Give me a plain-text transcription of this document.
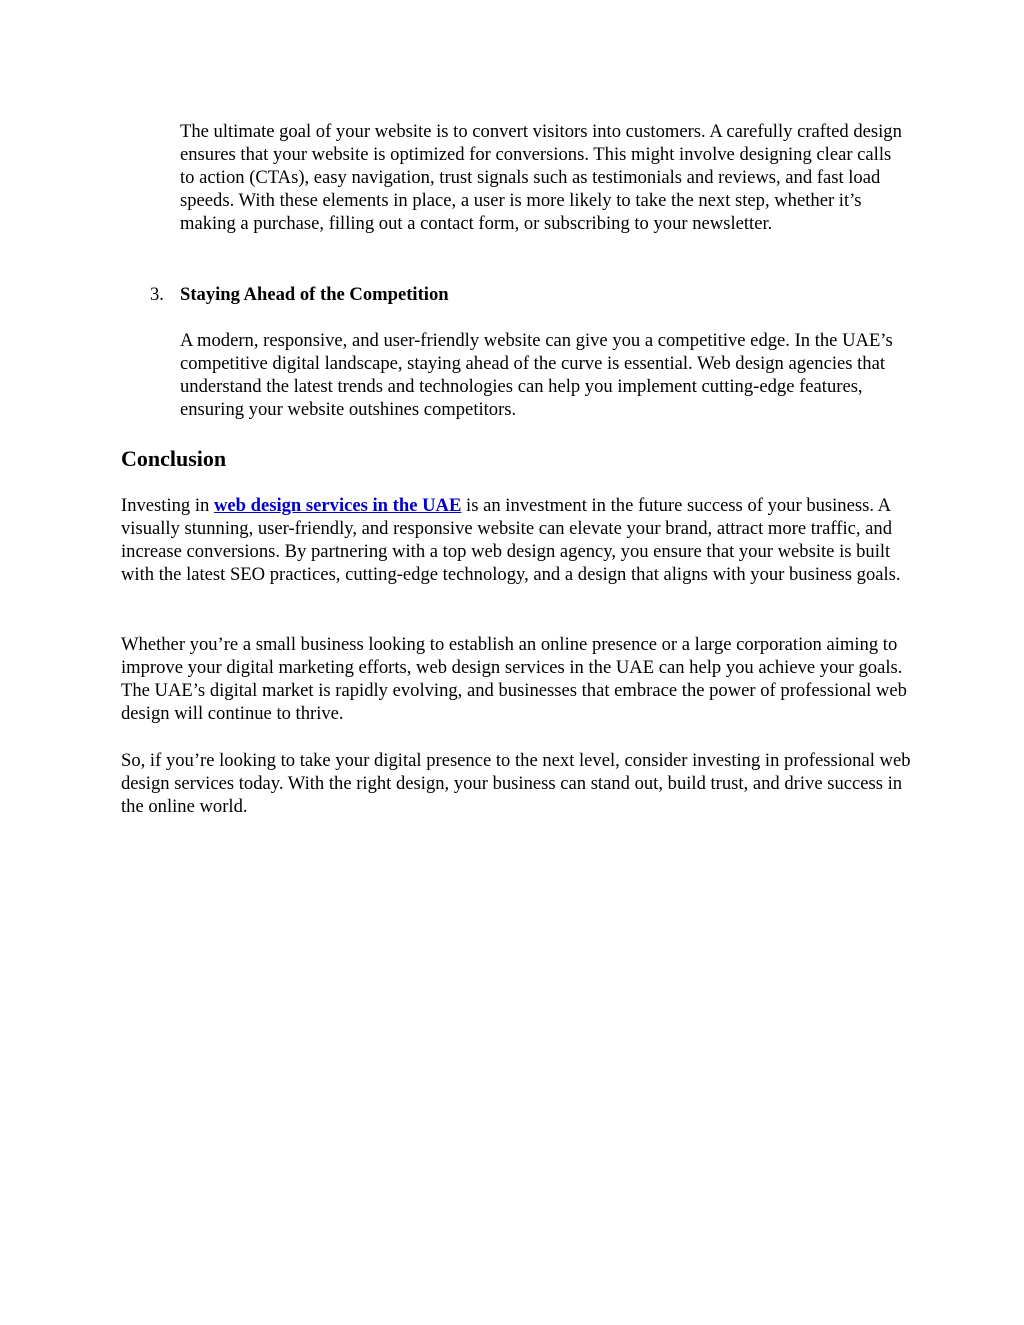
The ultimate goal of your website is to convert visitors into customers. A carefully crafted design ensures that your website is optimized for conversions. This might involve designing clear calls to action (CTAs), easy navigation, trust signals such as testimonials and reviews, and fast load speeds. With these elements in place, a user is more likely to take the next step, whether it’s making a purchase, filling out a contact form, or subscribing to your newsletter.

3. Staying Ahead of the Competition

A modern, responsive, and user-friendly website can give you a competitive edge. In the UAE’s competitive digital landscape, staying ahead of the curve is essential. Web design agencies that understand the latest trends and technologies can help you implement cutting-edge features, ensuring your website outshines competitors.

Conclusion

Investing in web design services in the UAE is an investment in the future success of your business. A visually stunning, user-friendly, and responsive website can elevate your brand, attract more traffic, and increase conversions. By partnering with a top web design agency, you ensure that your website is built with the latest SEO practices, cutting-edge technology, and a design that aligns with your business goals.

Whether you’re a small business looking to establish an online presence or a large corporation aiming to improve your digital marketing efforts, web design services in the UAE can help you achieve your goals. The UAE’s digital market is rapidly evolving, and businesses that embrace the power of professional web design will continue to thrive.

So, if you’re looking to take your digital presence to the next level, consider investing in professional web design services today. With the right design, your business can stand out, build trust, and drive success in the online world.
